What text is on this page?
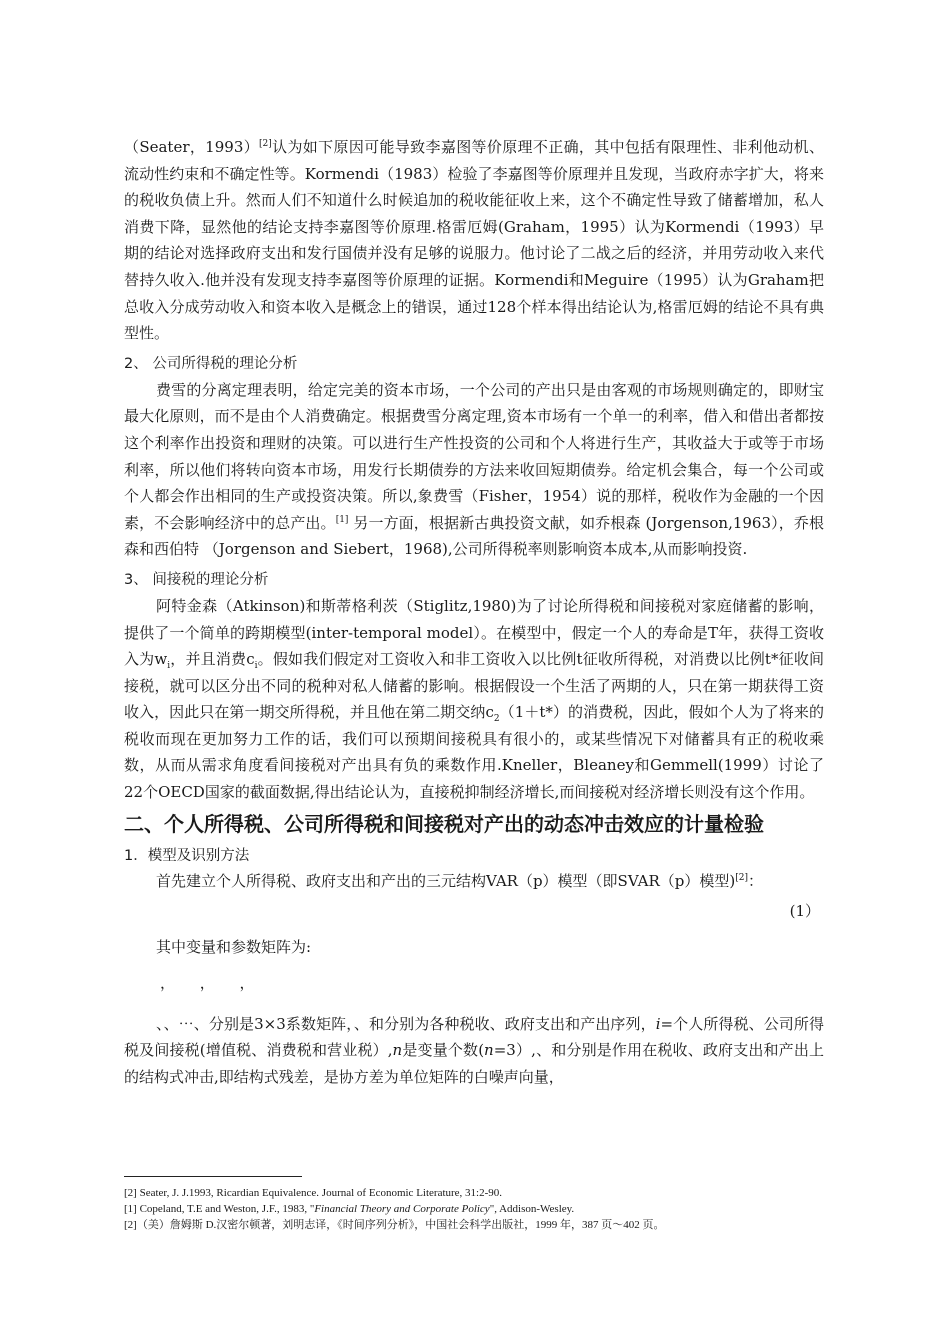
（Seater，1993）[2]认为如下原因可能导致李嘉图等价原理不正确，其中包括有限理性、非利他动机、流动性约束和不确定性等。Kormendi（1983）检验了李嘉图等价原理并且发现，当政府赤字扩大，将来的税收负债上升。然而人们不知道什么时候追加的税收能征收上来，这个不确定性导致了储蓄增加，私人消费下降，显然他的结论支持李嘉图等价原理.格雷厄姆(Graham，1995）认为Kormendi（1993）早期的结论对选择政府支出和发行国债并没有足够的说服力。他讨论了二战之后的经济，并用劳动收入来代替持久收入.他并没有发现支持李嘉图等价原理的证据。Kormendi和Meguire（1995）认为Graham把总收入分成劳动收入和资本收入是概念上的错误，通过128个样本得出结论认为,格雷厄姆的结论不具有典型性。

2、 公司所得税的理论分析

费雪的分离定理表明，给定完美的资本市场，一个公司的产出只是由客观的市场规则确定的，即财宝最大化原则，而不是由个人消费确定。根据费雪分离定理,资本市场有一个单一的利率，借入和借出者都按这个利率作出投资和理财的决策。可以进行生产性投资的公司和个人将进行生产，其收益大于或等于市场利率，所以他们将转向资本市场，用发行长期债券的方法来收回短期债券。给定机会集合，每一个公司或个人都会作出相同的生产或投资决策。所以,象费雪（Fisher，1954）说的那样，税收作为金融的一个因素，不会影响经济中的总产出。[1] 另一方面，根据新古典投资文献，如乔根森 (Jorgenson,1963），乔根森和西伯特 （Jorgenson and Siebert，1968),公司所得税率则影响资本成本,从而影响投资.

3、 间接税的理论分析

阿特金森（Atkinson)和斯蒂格利茨（Stiglitz,1980)为了讨论所得税和间接税对家庭储蓄的影响，提供了一个简单的跨期模型(inter-temporal model）。在模型中，假定一个人的寿命是T年，获得工资收入为$w_i$，并且消费$c_i$。假如我们假定对工资收入和非工资收入以比例t征收所得税，对消费以比例t*征收间接税，就可以区分出不同的税种对私人储蓄的影响。根据假设一个生活了两期的人，只在第一期获得工资收入，因此只在第一期交所得税，并且他在第二期交纳$c_2(1+t*)$的消费税，因此，假如个人为了将来的税收而现在更加努力工作的话，我们可以预期间接税具有很小的，或某些情况下对储蓄具有正的税收乘数，从而从需求角度看间接税对产出具有负的乘数作用.Kneller，Bleaney和Gemmell(1999）讨论了22个OECD国家的截面数据,得出结论认为，直接税抑制经济增长,而间接税对经济增长则没有这个作用。

二、个人所得税、公司所得税和间接税对产出的动态冲击效应的计量检验
1．模型及识别方法

首先建立个人所得税、政府支出和产出的三元结构VAR（p）模型（即SVAR（p）模型)[2]：

(1）

其中变量和参数矩阵为:

， ， ，

、、⋯、分别是3×3系数矩阵，、和分别为各种税收、政府支出和产出序列，i=个人所得税、公司所得税及间接税(增值税、消费税和营业税）,n是变量个数(n=3）,、和分别是作用在税收、政府支出和产出上的结构式冲击,即结构式残差，是协方差为单位矩阵的白噪声向量，

[2] Seater, J. J.1993, Ricardian Equivalence. Journal of Economic Literature, 31:2-90.

[1] Copeland, T.E and Weston, J.F., 1983, "Financial Theory and Corporate Policy", Addison-Wesley.

[2]（美）詹姆斯 D.汉密尔顿著，刘明志译，《时间序列分析》，中国社会科学出版社，1999 年，387 页～402 页。
